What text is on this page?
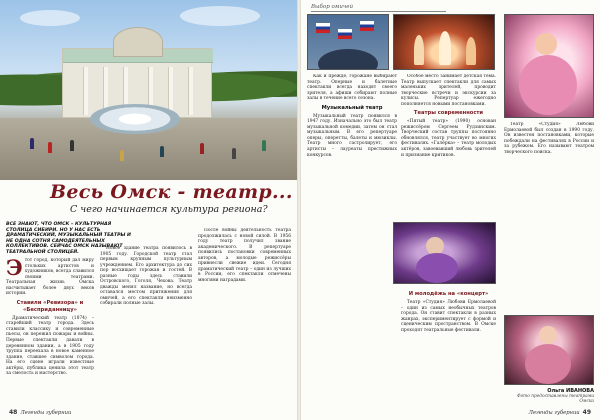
Весь Омск - театр...
С чего начинается культура региона?
ВСЕ ЗНАЮТ, ЧТО ОМСК – КУЛЬТУРНАЯ СТОЛИЦА СИБИРИ. НО У НАС ЕСТЬ ДРАМАТИЧЕСКИЙ, МУЗЫКАЛЬНЫЙ ТЕАТРЫ И НЕ ОДНА СОТНЯ САМОДЕЯТЕЛЬНЫХ КОЛЛЕКТИВОВ. СЕЙЧАС ОМСК НАЗЫВАЮТ ТЕАТРАЛЬНОЙ СТОЛИЦЕЙ.

Этот город, который дал миру стольких артистов и художников, всегда славился своими театрами. Театральная жизнь Омска насчитывает более двух веков истории.

Ставили «Ревизора» и «Бесприданницу»

Драматический театр (1874) – старейший театр города. Здесь ставили классику и современные пьесы, он пережил пожары и войны. Первые спектакли давали в деревянном здании, а в 1905 году труппа переехала в новое каменное здание, ставшее символом города. На его сцене играли известные актёры, публика ценила этот театр за смелость и мастерство.

Новое здание театра появилось в 1905 году. Городской театр стал первым крупным культурным учреждением. Его архитектура до сих пор восхищает горожан и гостей. В разные годы здесь ставили Островского, Гоголя, Чехова. Театр дважды менял название, но всегда оставался местом притяжения для омичей, а его спектакли неизменно собирали полные залы.

После войны деятельность театра продолжилась с новой силой. В 1956 году театр получил звание академического. В репертуаре появились постановки современных авторов, а молодые режиссёры привнесли свежие идеи. Сегодня драматический театр – один из лучших в России, его спектакли отмечены многими наградами.

48 Легенды губернии
Выбор омичей

Как и прежде, горожане выбирают театр. Оперные и балетные спектакли всегда находят своего зрителя, а афиши собирают полные залы в течение всего сезона.

Музыкальный театр

Музыкальный театр появился в 1947 году. Изначально это был театр музыкальной комедии, затем он стал музыкальным. В его репертуаре оперы, оперетты, балеты и мюзиклы. Театр много гастролирует, его артисты – лауреаты престижных конкурсов.

Особое место занимает детская тема. Театр выпускает спектакли для самых маленьких зрителей, проводит творческие встречи и экскурсии за кулисы. Репертуар ежегодно пополняется новыми постановками.

Театры современности

«Пятый театр» (1990) основан режиссёром Сергеем Рудзинским. Творческий состав труппы постоянно обновлялся, театр участвует во многих фестивалях. «Галёрка» – театр молодых актёров, завоевавший любовь зрителей и признание критиков.

И молодёжь на «концерт»

Театр «Студия» Любови Ермолаевой – один из самых необычных театров города. Он ставит спектакли в разных жанрах, экспериментирует с формой и сценическим пространством. В Омске проходят театральные фестивали.

Театр «Студия» Любови Ермолаевой был создан в 1990 году. Он известен постановками, которые побеждали на фестивалях в России и за рубежом. Его называют театром творческого поиска.

Ольга ИВАНОВА
Фото предоставлены театрами Омска
Легенды губернии 49
